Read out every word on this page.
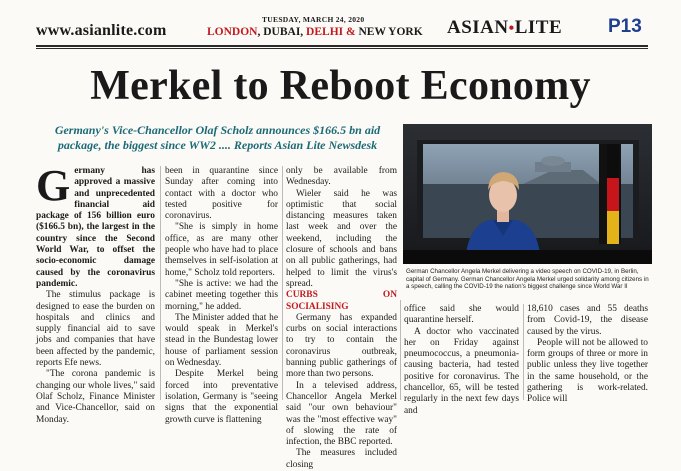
www.asianlite.com
TUESDAY, MARCH 24, 2020
LONDON, DUBAI, DELHI & NEW YORK ASIAN•LITE P13
Merkel to Reboot Economy
Germany's Vice-Chancellor Olaf Scholz announces $166.5 bn aid package, the biggest since WW2 .... Reports Asian Lite Newsdesk
German Chancellor Angela Merkel delivering a video speech on COVID-19, in Berlin, capital of Germany. German Chancellor Angela Merkel urged solidarity among citizens in a speech, calling the COVID-19 the nation's biggest challenge since World War II
G ermany has approved a massive and unprecedented financial aid package of 156 billion euro ($166.5 bn), the largest in the country since the Second World War, to offset the socio-economic damage caused by the coronavirus pandemic.

The stimulus package is designed to ease the burden on hospitals and clinics and supply financial aid to save jobs and companies that have been affected by the pandemic, reports Efe news.

"The corona pandemic is changing our whole lives," said Olaf Scholz, Finance Minister and Vice-Chancellor, said on Monday.

been in quarantine since Sunday after coming into contact with a doctor who tested positive for coronavirus.

"She is simply in home office, as are many other people who have had to place themselves in self-isolation at home," Scholz told reporters.

"She is active: we had the cabinet meeting together this morning," he added.

The Minister added that he would speak in Merkel's stead in the Bundestag lower house of parliament session on Wednesday.

Despite Merkel being forced into preventative isolation, Germany is "seeing signs that the exponential growth curve is flattening

only be available from Wednesday.

Wieler said he was optimistic that social distancing measures taken last week and over the weekend, including the closure of schools and bans on all public gatherings, had helped to limit the virus's spread.

CURBS ON SOCIALISING

Germany has expanded curbs on social interactions to try to contain the coronavirus outbreak, banning public gatherings of more than two persons.

In a televised address, Chancellor Angela Merkel said "our own behaviour" was the "most effective way" of slowing the rate of infection, the BBC reported.

The measures included closing

office said she would quarantine herself.

A doctor who vaccinated her on Friday against pneumococcus, a pneumonia-causing bacteria, had tested positive for coronavirus. The chancellor, 65, will be tested regularly in the next few days and

18,610 cases and 55 deaths from Covid-19, the disease caused by the virus.

People will not be allowed to form groups of three or more in public unless they live together in the same household, or the gathering is work-related. Police will
